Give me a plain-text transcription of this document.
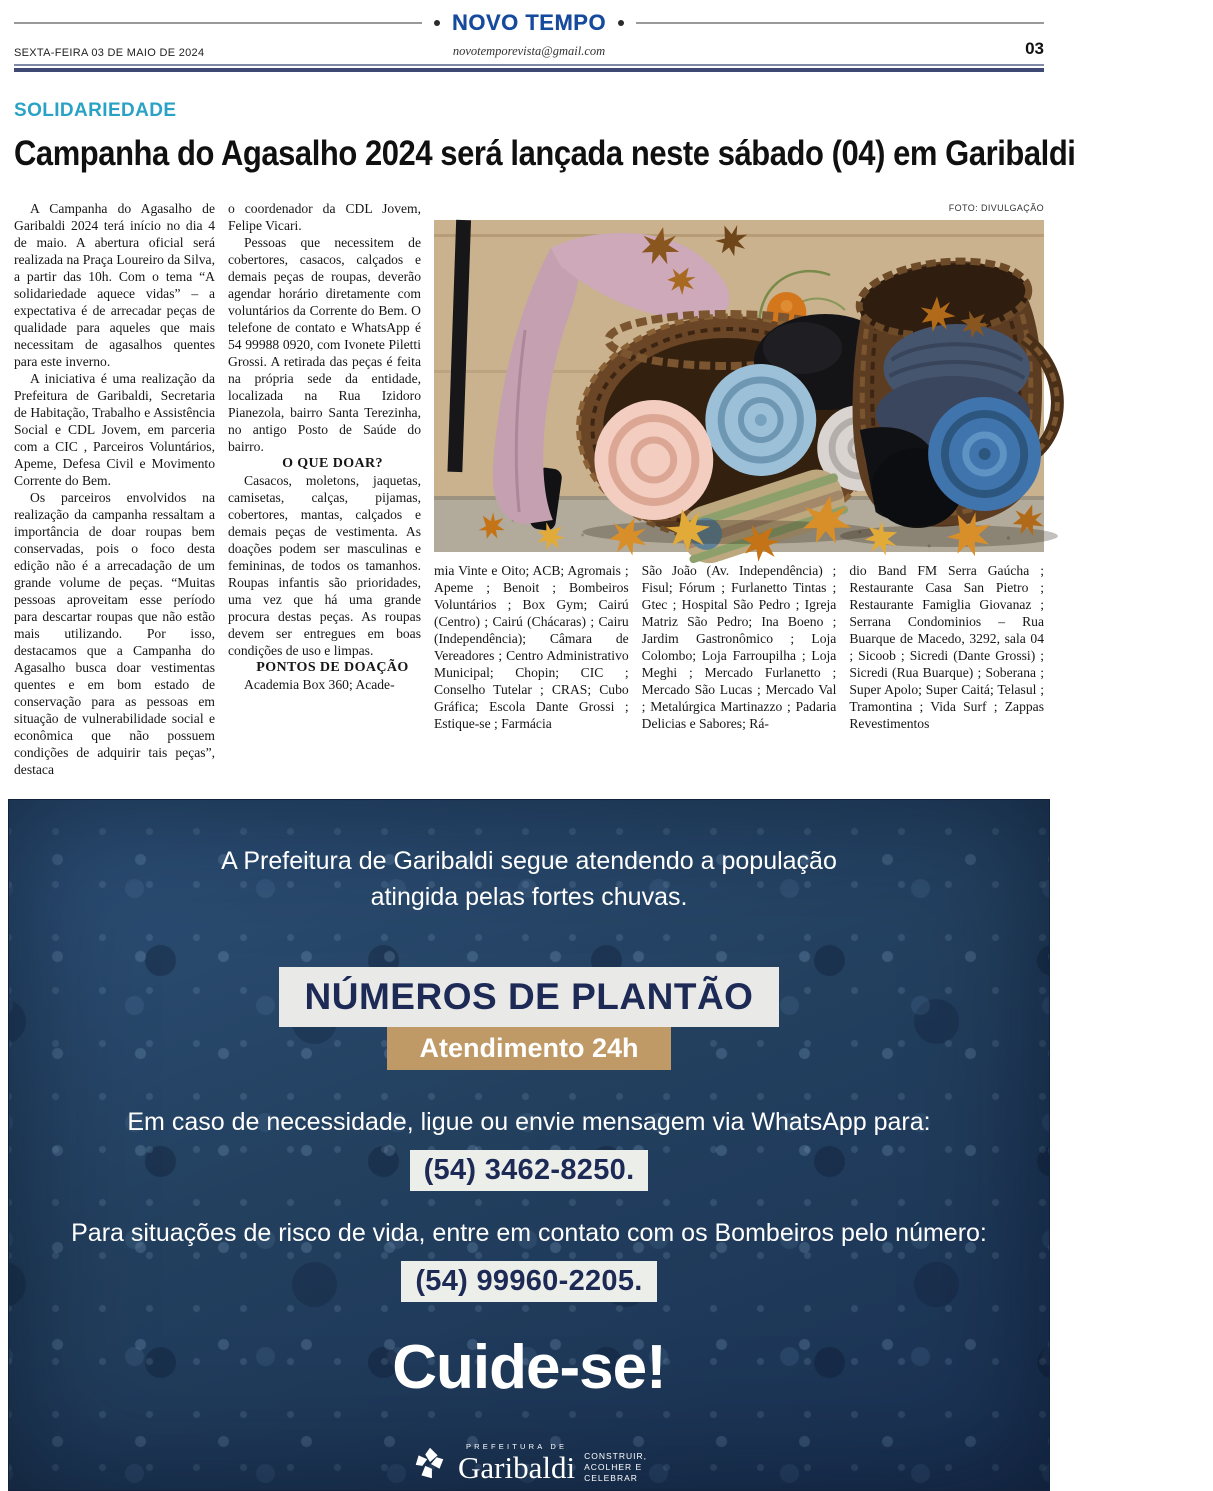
NOVO TEMPO
SEXTA-FEIRA 03 DE MAIO DE 2024	novotemporevista@gmail.com	03
SOLIDARIEDADE
Campanha do Agasalho 2024 será lançada neste sábado (04) em Garibaldi

A Campanha do Agasalho de Garibaldi 2024 terá início no dia 4 de maio. A abertura oficial será realizada na Praça Loureiro da Silva, a partir das 10h. Com o tema “A solidariedade aquece vidas” – a expectativa é de arrecadar peças de qualidade para aqueles que mais necessitam de agasalhos quentes para este inverno.

A iniciativa é uma realização da Prefeitura de Garibaldi, Secretaria de Habitação, Trabalho e Assistência Social e CDL Jovem, em parceria com a CIC , Parceiros Voluntários, Apeme, Defesa Civil e Movimento Corrente do Bem.

Os parceiros envolvidos na realização da campanha ressaltam a importância de doar roupas bem conservadas, pois o foco desta edição não é a arrecadação de um grande volume de peças. “Muitas pessoas aproveitam esse período para descartar roupas que não estão mais utilizando. Por isso, destacamos que a Campanha do Agasalho busca doar vestimentas quentes e em bom estado de conservação para as pessoas em situação de vulnerabilidade social e econômica que não possuem condições de adquirir tais peças”, destaca

o coordenador da CDL Jovem, Felipe Vicari.

Pessoas que necessitem de cobertores, casacos, calçados e demais peças de roupas, deverão agendar horário diretamente com voluntários da Corrente do Bem. O telefone de contato e WhatsApp é 54 99988 0920, com Ivonete Piletti Grossi. A retirada das peças é feita na própria sede da entidade, localizada na Rua Izidoro Pianezola, bairro Santa Terezinha, no antigo Posto de Saúde do bairro.

O QUE DOAR?

Casacos, moletons, jaquetas, camisetas, calças, pijamas, cobertores, mantas, calçados e demais peças de vestimenta. As doações podem ser masculinas e femininas, de todos os tamanhos. Roupas infantis são prioridades, uma vez que há uma grande procura destas peças. As roupas devem ser entregues em boas condições de uso e limpas.

PONTOS DE DOAÇÃO

Academia Box 360; Acade-

FOTO: DIVULGAÇÃO

mia Vinte e Oito; ACB; Agromais ; Apeme ; Benoit ; Bombeiros Voluntários ; Box Gym; Cairú (Centro) ; Cairú (Chácaras) ; Cairu (Independência); Câmara de Vereadores ; Centro Administrativo Municipal; Chopin; CIC ; Conselho Tutelar ; CRAS; Cubo Gráfica; Escola Dante Grossi ; Estique-se ; Farmácia

São João (Av. Independência) ; Fisul; Fórum ; Furlanetto Tintas ; Gtec ; Hospital São Pedro ; Igreja Matriz São Pedro; Ina Boeno ; Jardim Gastronômico ; Loja Colombo; Loja Farroupilha ; Loja Meghi ; Mercado Furlanetto ; Mercado São Lucas ; Mercado Val ; Metalúrgica Martinazzo ; Padaria Delicias e Sabores; Rá-

dio Band FM Serra Gaúcha ; Restaurante Casa San Pietro ; Restaurante Famiglia Giovanaz ; Serrana Condominios – Rua Buarque de Macedo, 3292, sala 04 ; Sicoob ; Sicredi (Dante Grossi) ; Sicredi (Rua Buarque) ; Soberana ; Super Apolo; Super Caitá; Telasul ; Tramontina ; Vida Surf ; Zappas Revestimentos

A Prefeitura de Garibaldi segue atendendo a população atingida pelas fortes chuvas.
NÚMEROS DE PLANTÃO
Atendimento 24h
Em caso de necessidade, ligue ou envie mensagem via WhatsApp para:
(54) 3462-8250.
Para situações de risco de vida, entre em contato com os Bombeiros pelo número:
(54) 99960-2205.
Cuide-se!
PREFEITURA DE
Garibaldi CONSTRUIR,
ACOLHER E
CELEBRAR
